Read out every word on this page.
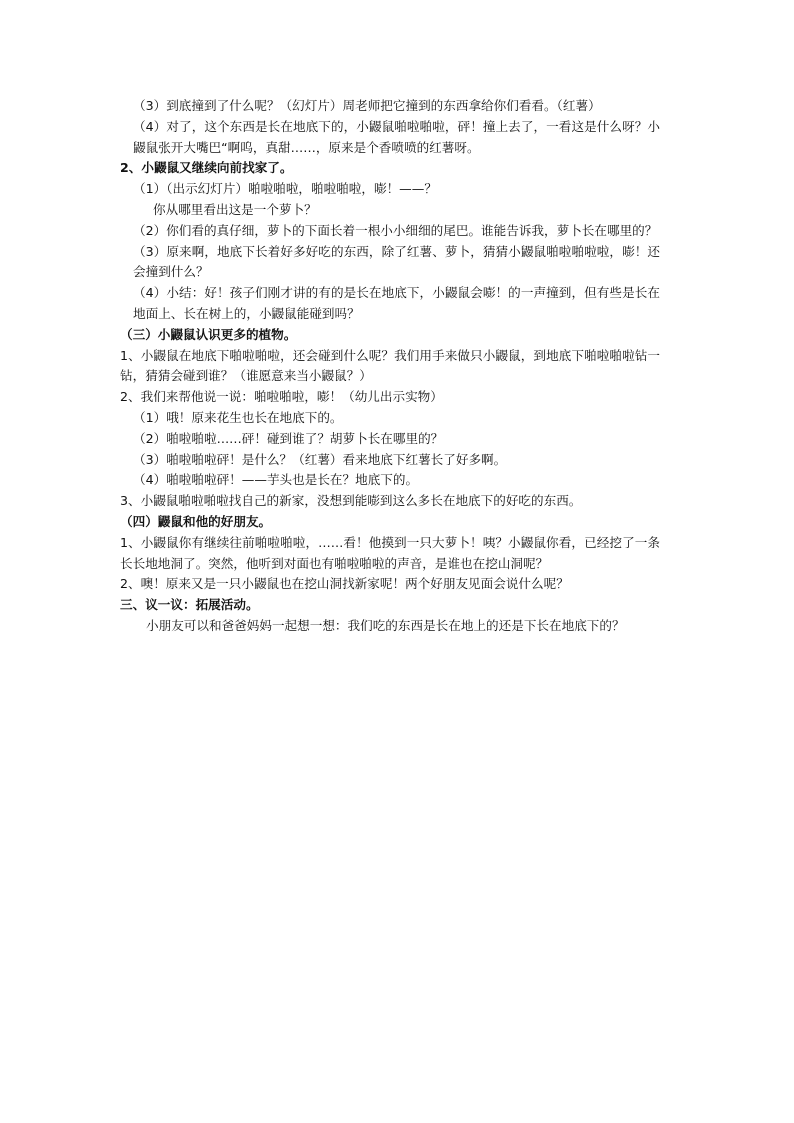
（3）到底撞到了什么呢？（幻灯片）周老师把它撞到的东西拿给你们看看。（红薯）
（4）对了，这个东西是长在地底下的，小鼹鼠啪啦啪啦，砰！撞上去了，一看这是什么呀？小鼹鼠张开大嘴巴“啊呜，真甜……，原来是个香喷喷的红薯呀。
2、小鼹鼠又继续向前找家了。
（1）（出示幻灯片）啪啦啪啦，啪啦啪啦，嘭！——？
你从哪里看出这是一个萝卜？
（2）你们看的真仔细，萝卜的下面长着一根小小细细的尾巴。谁能告诉我，萝卜长在哪里的？
（3）原来啊，地底下长着好多好吃的东西，除了红薯、萝卜，猜猜小鼹鼠啪啦啪啦啦，嘭！还会撞到什么？
（4）小结：好！孩子们刚才讲的有的是长在地底下，小鼹鼠会嘭！的一声撞到，但有些是长在地面上、长在树上的，小鼹鼠能碰到吗？
（三）小鼹鼠认识更多的植物。
1、小鼹鼠在地底下啪啦啪啦，还会碰到什么呢？我们用手来做只小鼹鼠，到地底下啪啦啪啦钻一钻，猜猜会碰到谁？（谁愿意来当小鼹鼠？）
2、我们来帮他说一说：啪啦啪啦，嘭！（幼儿出示实物）
（1）哦！原来花生也长在地底下的。
（2）啪啦啪啦……砰！碰到谁了？胡萝卜长在哪里的？
（3）啪啦啪啦砰！是什么？（红薯）看来地底下红薯长了好多啊。
（4）啪啦啪啦砰！——芋头也是长在？地底下的。
3、小鼹鼠啪啦啪啦找自己的新家，没想到能嘭到这么多长在地底下的好吃的东西。
（四）鼹鼠和他的好朋友。
1、小鼹鼠你有继续往前啪啦啪啦，……看！他摸到一只大萝卜！咦？小鼹鼠你看，已经挖了一条长长地地洞了。突然，他听到对面也有啪啦啪啦的声音，是谁也在挖山洞呢？
2、噢！原来又是一只小鼹鼠也在挖山洞找新家呢！两个好朋友见面会说什么呢？
三、议一议：拓展活动。
小朋友可以和爸爸妈妈一起想一想：我们吃的东西是长在地上的还是下长在地底下的？
